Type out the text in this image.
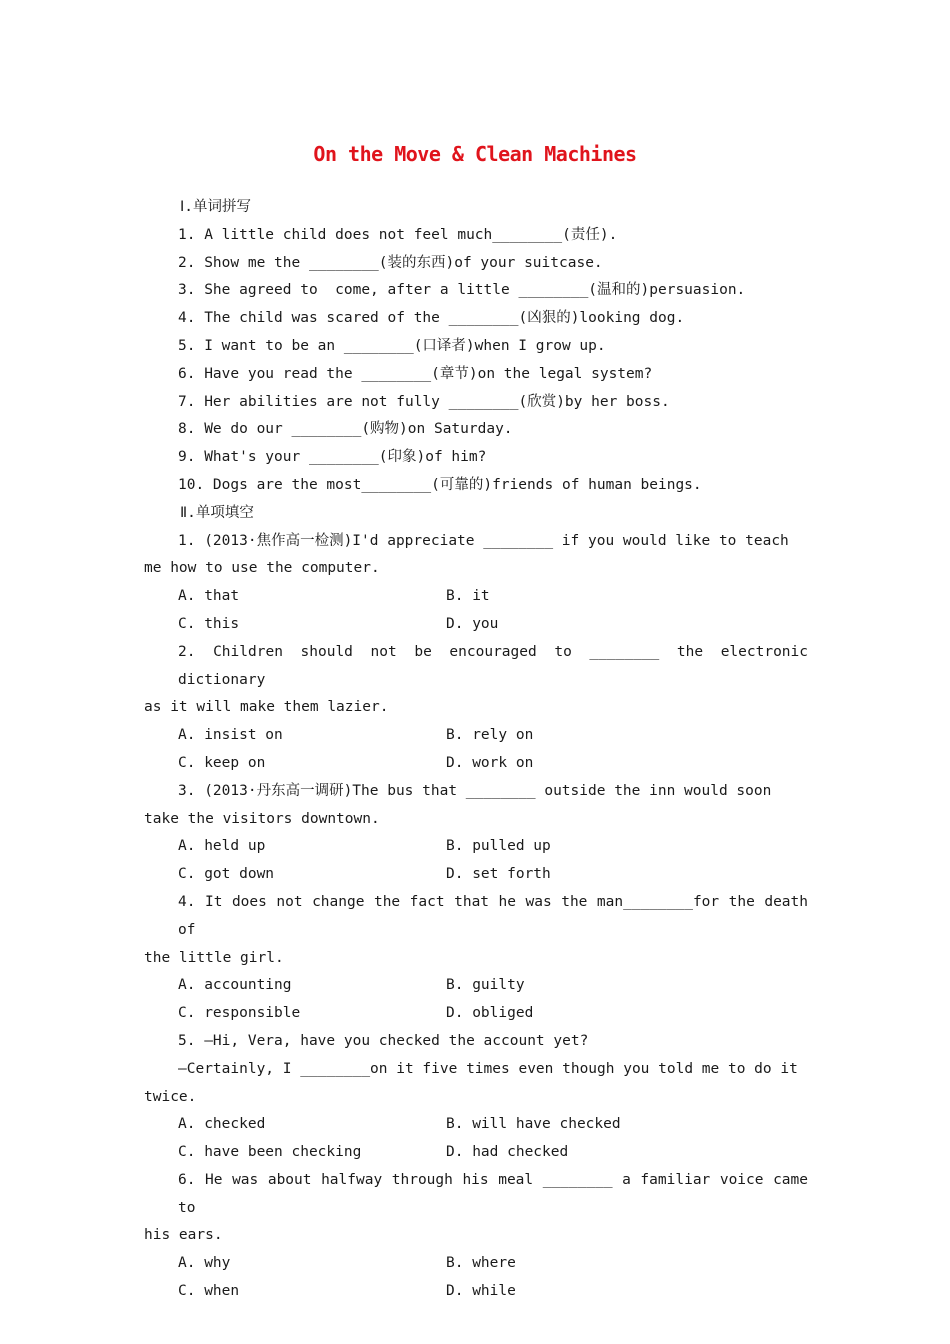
On the Move & Clean Machines

Ⅰ.单词拼写

1. A little child does not feel much________(责任).

2. Show me the ________(装的东西)of your suitcase.

3. She agreed to  come, after a little ________(温和的)persuasion.

4. The child was scared of the ________(凶狠的)looking dog.

5. I want to be an ________(口译者)when I grow up.

6. Have you read the ________(章节)on the legal system?

7. Her abilities are not fully ________(欣赏)by her boss.

8. We do our ________(购物)on Saturday.

9. What's your ________(印象)of him?

10. Dogs are the most________(可靠的)friends of human beings.

Ⅱ.单项填空

1. (2013·焦作高一检测)I'd appreciate ________ if you would like to teach

me how to use the computer.

A. that	B. it
C. this	D. you

2. Children should not be encouraged to ________ the electronic dictionary

as it will make them lazier.

A. insist on	B. rely on
C. keep on	D. work on

3. (2013·丹东高一调研)The bus that ________ outside the inn would soon

take the visitors downtown.

A. held up	B. pulled up
C. got down	D. set forth

4. It does not change the fact that he was the man________for the death of

the little girl.

A. accounting	B. guilty
C. responsible	D. obliged

5. —Hi, Vera, have you checked the account yet?

—Certainly, I ________on it five times even though you told me to do it

twice.

A. checked	B. will have checked
C. have been checking	D. had checked

6. He was about halfway through his meal ________ a familiar voice came to

his ears.

A. why	B. where
C. when	D. while
